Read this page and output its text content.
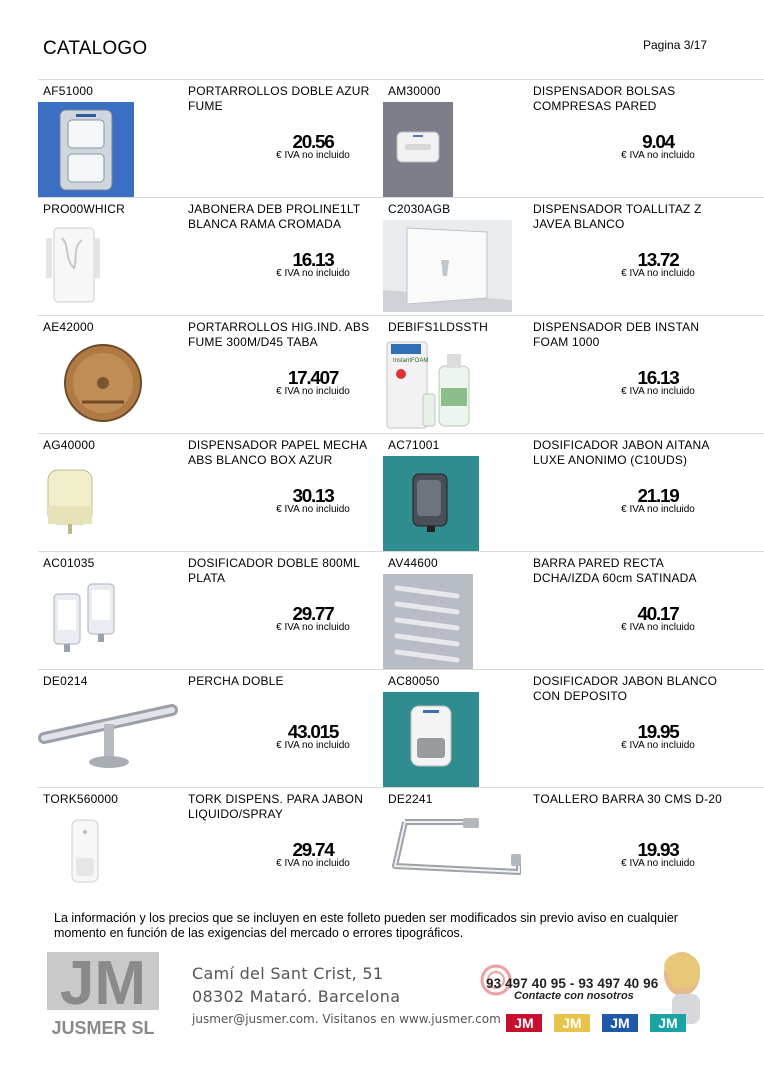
CATALOGO	Pagina 3/17
AF51000	PORTARROLLOS DOBLE AZUR FUME
20.56
€ IVA no incluido
AM30000	DISPENSADOR BOLSAS COMPRESAS PARED
9.04
€ IVA no incluido
PRO00WHICR	JABONERA DEB PROLINE1LT BLANCA RAMA CROMADA
16.13
€ IVA no incluido
C2030AGB	DISPENSADOR TOALLITAZ Z JAVEA BLANCO
13.72
€ IVA no incluido
AE42000	PORTARROLLOS HIG.IND. ABS FUME 300M/D45 TABA
17.407
€ IVA no incluido
InstantFOAM
DEBIFS1LDSSTH	DISPENSADOR DEB INSTAN FOAM 1000
16.13
€ IVA no incluido
AG40000	DISPENSADOR PAPEL MECHA ABS BLANCO BOX AZUR
30.13
€ IVA no incluido
AC71001	DOSIFICADOR JABON AITANA LUXE ANONIMO (C10UDS)
21.19
€ IVA no incluido
AC01035	DOSIFICADOR DOBLE 800ML PLATA
29.77
€ IVA no incluido
AV44600	BARRA PARED RECTA DCHA/IZDA 60cm SATINADA
40.17
€ IVA no incluido
DE0214	PERCHA DOBLE
43.015
€ IVA no incluido
AC80050	DOSIFICADOR JABON BLANCO CON DEPOSITO
19.95
€ IVA no incluido
TORK560000	TORK DISPENS. PARA JABON LIQUIDO/SPRAY
29.74
€ IVA no incluido
DE2241	TOALLERO BARRA 30 CMS D-20
19.93
€ IVA no incluido
La información y los precios que se incluyen en este folleto pueden ser modificados sin previo aviso en cualquier momento en función de las exigencias del mercado o errores tipográficos.
JM
JUSMER SL
Camí del Sant Crist, 51
08302 Mataró. Barcelona
jusmer@jusmer.com. Visitanos en www.jusmer.com JM JM JM JM
93 497 40 95 - 93 497 40 96
Contacte con nosotros
